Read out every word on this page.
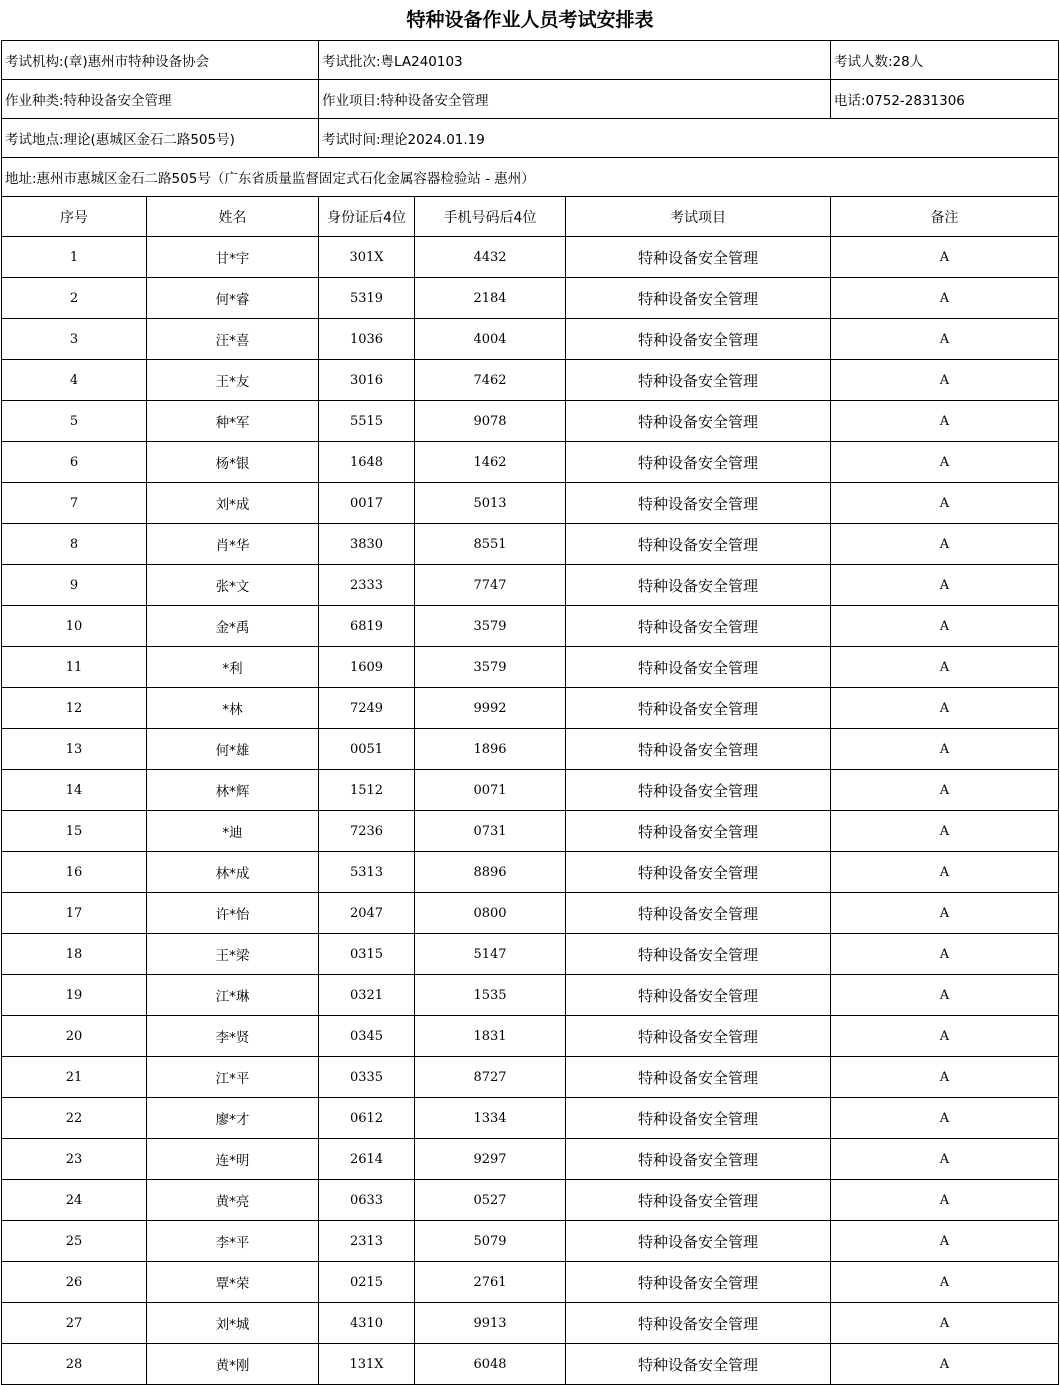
特种设备作业人员考试安排表
考试机构:(章)惠州市特种设备协会		考试批次:粤LA240103			考试人数:28人
作业种类:特种设备安全管理		作业项目:特种设备安全管理			电话:0752-2831306
考试地点:理论(惠城区金石二路505号)		考试时间:理论2024.01.19			
地址:惠州市惠城区金石二路505号（广东省质量监督固定式石化金属容器检验站 - 惠州）					
序号	姓名	身份证后4位	手机号码后4位	考试项目	备注
1	甘*宇	301X	4432	特种设备安全管理	A
2	何*睿	5319	2184	特种设备安全管理	A
3	汪*喜	1036	4004	特种设备安全管理	A
4	王*友	3016	7462	特种设备安全管理	A
5	种*军	5515	9078	特种设备安全管理	A
6	杨*银	1648	1462	特种设备安全管理	A
7	刘*成	0017	5013	特种设备安全管理	A
8	肖*华	3830	8551	特种设备安全管理	A
9	张*文	2333	7747	特种设备安全管理	A
10	金*禹	6819	3579	特种设备安全管理	A
11	*利	1609	3579	特种设备安全管理	A
12	*林	7249	9992	特种设备安全管理	A
13	何*雄	0051	1896	特种设备安全管理	A
14	林*辉	1512	0071	特种设备安全管理	A
15	*迪	7236	0731	特种设备安全管理	A
16	林*成	5313	8896	特种设备安全管理	A
17	许*怡	2047	0800	特种设备安全管理	A
18	王*梁	0315	5147	特种设备安全管理	A
19	江*琳	0321	1535	特种设备安全管理	A
20	李*贤	0345	1831	特种设备安全管理	A
21	江*平	0335	8727	特种设备安全管理	A
22	廖*才	0612	1334	特种设备安全管理	A
23	连*明	2614	9297	特种设备安全管理	A
24	黄*亮	0633	0527	特种设备安全管理	A
25	李*平	2313	5079	特种设备安全管理	A
26	覃*荣	0215	2761	特种设备安全管理	A
27	刘*城	4310	9913	特种设备安全管理	A
28	黄*刚	131X	6048	特种设备安全管理	A
